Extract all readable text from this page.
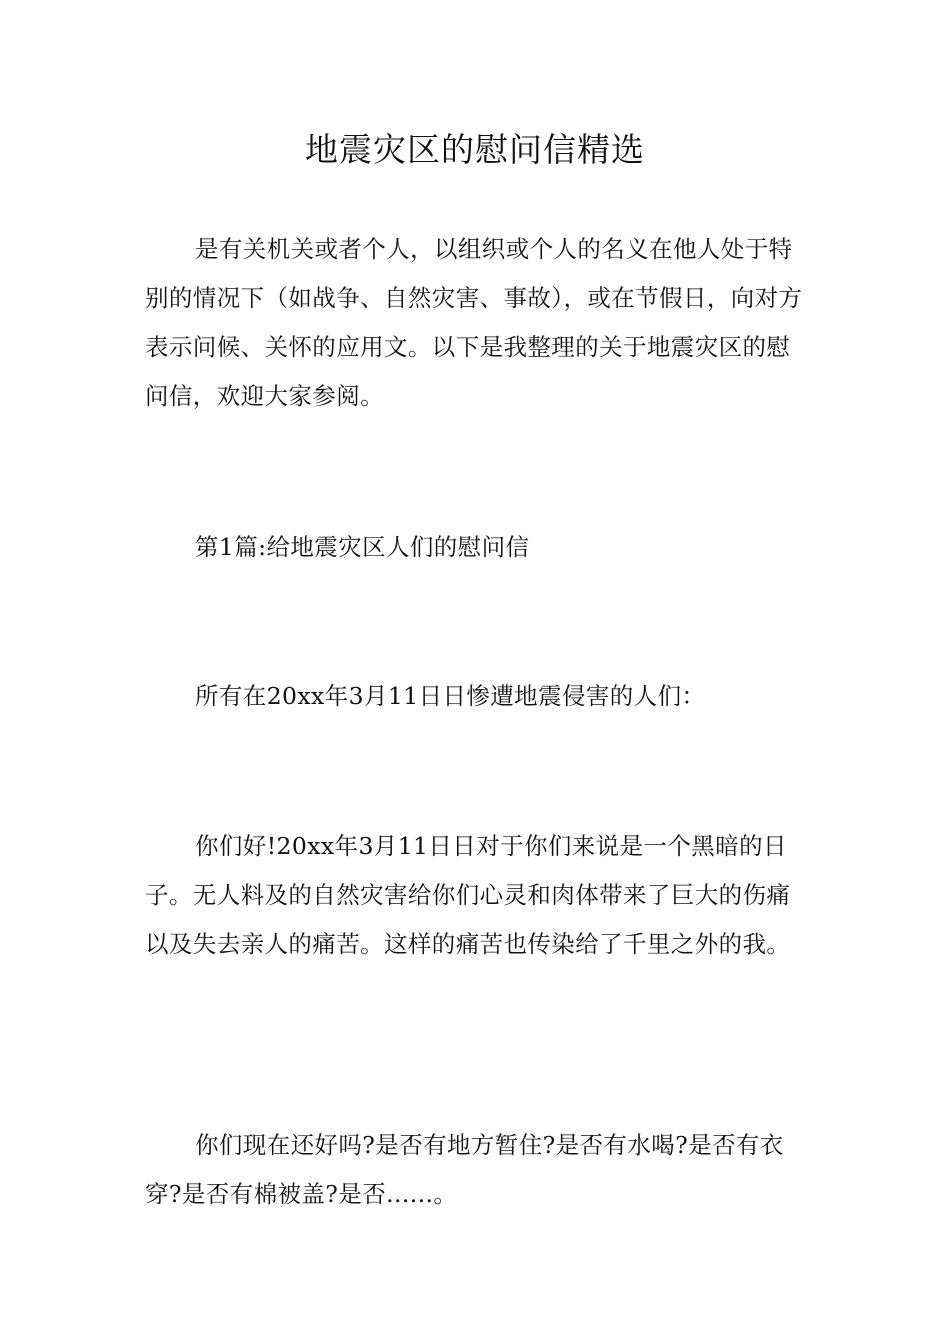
地震灾区的慰问信精选

是有关机关或者个人，以组织或个人的名义在他人处于特别的情况下（如战争、自然灾害、事故），或在节假日，向对方表示问候、关怀的应用文。以下是我整理的关于地震灾区的慰问信，欢迎大家参阅。

第1篇:给地震灾区人们的慰问信

所有在20xx年3月11日日惨遭地震侵害的人们：

你们好!20xx年3月11日日对于你们来说是一个黑暗的日子。无人料及的自然灾害给你们心灵和肉体带来了巨大的伤痛以及失去亲人的痛苦。这样的痛苦也传染给了千里之外的我。

你们现在还好吗?是否有地方暂住?是否有水喝?是否有衣穿?是否有棉被盖?是否......。
